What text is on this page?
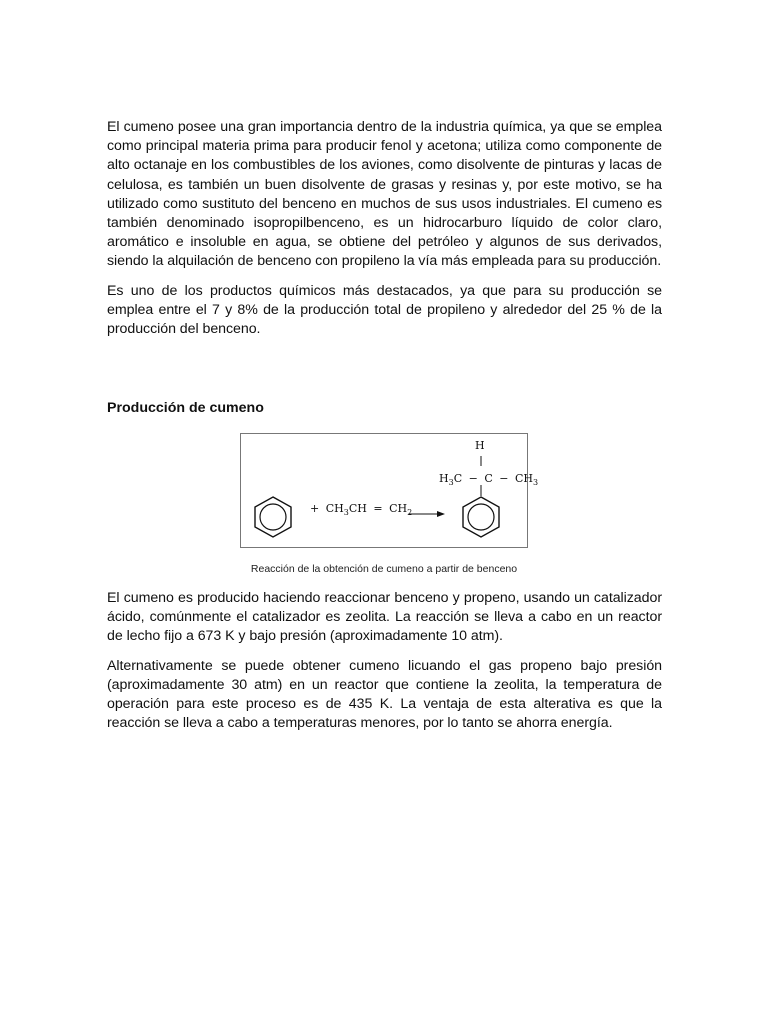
El cumeno posee una gran importancia dentro de la industria química, ya que se emplea como principal materia prima para producir fenol y acetona; utiliza como componente de alto octanaje en los combustibles de los aviones, como disolvente de pinturas y lacas de celulosa, es también un buen disolvente de grasas y resinas y, por este motivo, se ha utilizado como sustituto del benceno en muchos de sus usos industriales. El cumeno es también denominado isopropilbenceno, es un hidrocarburo líquido de color claro, aromático e insoluble en agua, se obtiene del petróleo y algunos de sus derivados, siendo la alquilación de benceno con propileno la vía más empleada para su producción.

Es uno de los productos químicos más destacados, ya que para su producción se emplea entre el 7 y 8% de la producción total de propileno y alrededor del 25 % de la producción del benceno.

Producción de cumeno
+ $CH_3CH = CH_2$
H
$H_3C - C - CH_3$

Reacción de la obtención de cumeno a partir de benceno

El cumeno es producido haciendo reaccionar benceno y propeno, usando un catalizador ácido, comúnmente el catalizador es zeolita. La reacción se lleva a cabo en un reactor de lecho fijo a 673 K y bajo presión (aproximadamente 10 atm).

Alternativamente se puede obtener cumeno licuando el gas propeno bajo presión (aproximadamente 30 atm) en un reactor que contiene la zeolita, la temperatura de operación para este proceso es de 435 K. La ventaja de esta alterativa es que la reacción se lleva a cabo a temperaturas menores, por lo tanto se ahorra energía.
